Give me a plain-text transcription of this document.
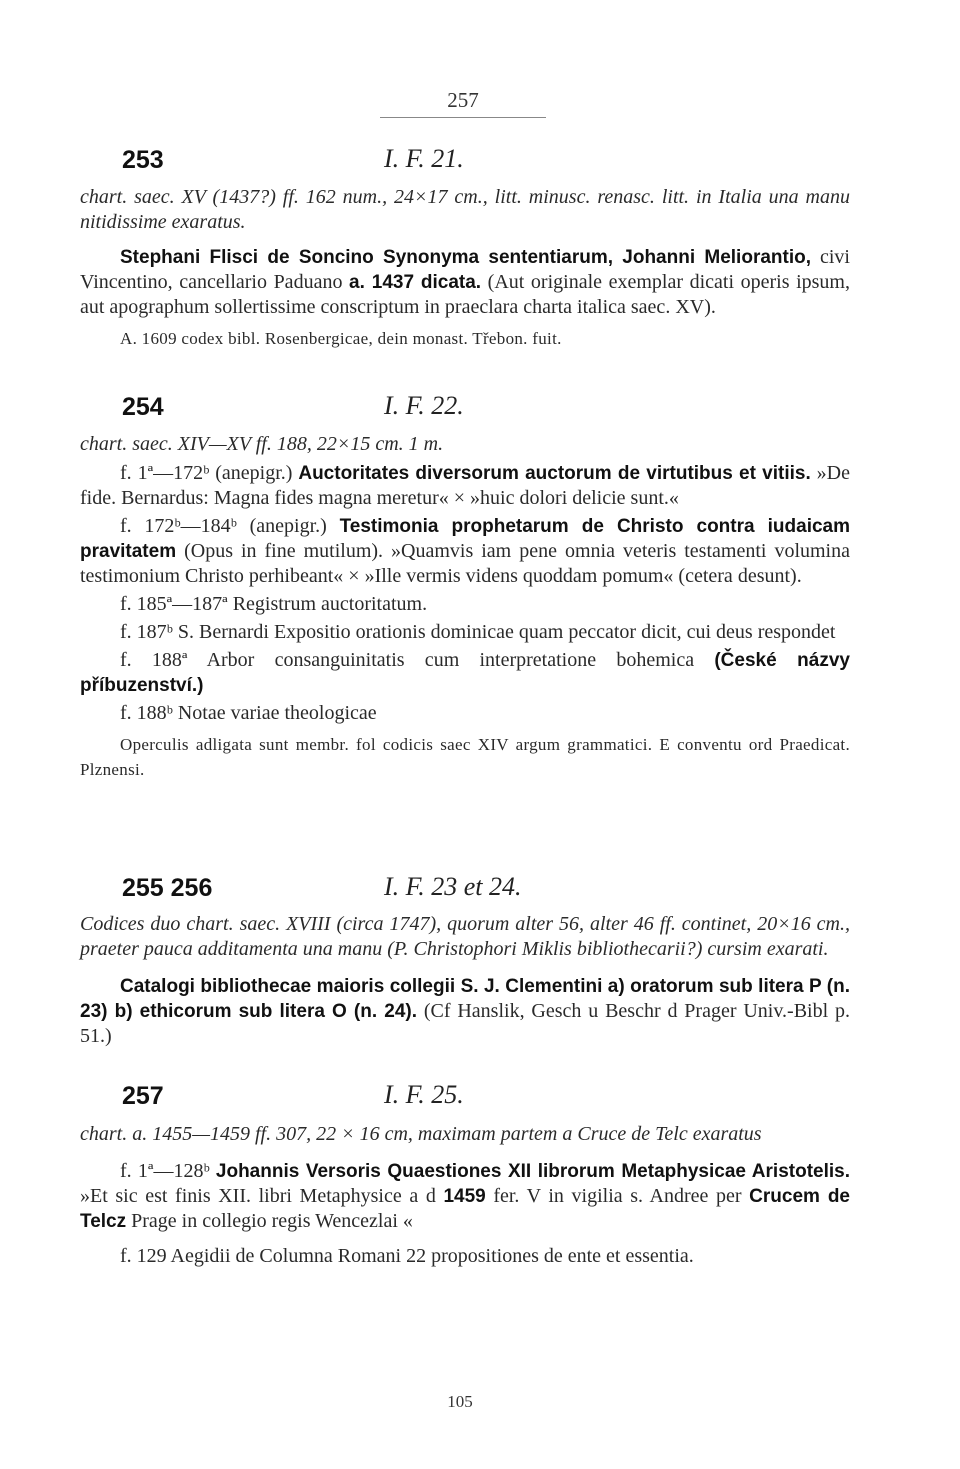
257
253	I. F. 21.

chart. saec. XV (1437?) ff. 162 num., 24×17 cm., litt. minusc. renasc. litt. in Italia una manu nitidissime exaratus.

Stephani Flisci de Soncino Synonyma sententiarum, Johanni Meliorantio, civi Vincentino, cancellario Paduano a. 1437 dicata. (Aut originale exemplar dicati operis ipsum, aut apographum sollertissime conscriptum in praeclara charta italica saec. XV).

A. 1609 codex bibl. Rosenbergicae, dein monast. Třebon. fuit.

254	I. F. 22.

chart. saec. XIV—XV ff. 188, 22×15 cm. 1 m.

f. 1ª—172ᵇ (anepigr.) Auctoritates diversorum auctorum de virtutibus et vitiis. »De fide. Bernardus: Magna fides magna meretur« × »huic dolori delicie sunt.«

f. 172ᵇ—184ᵇ (anepigr.) Testimonia prophetarum de Christo contra iudaicam pravitatem (Opus in fine mutilum). »Quamvis iam pene omnia veteris testamenti volumina testimonium Christo perhibeant« × »Ille vermis videns quoddam pomum« (cetera desunt).

f. 185ª—187ª Registrum auctoritatum.

f. 187ᵇ S. Bernardi Expositio orationis dominicae quam peccator dicit, cui deus respondet

f. 188ª Arbor consanguinitatis cum interpretatione bohemica (České názvy příbuzenství.)

f. 188ᵇ Notae variae theologicae

Operculis adligata sunt membr. fol codicis saec XIV argum grammatici. E conventu ord Praedicat. Plznensi.

255 256	I. F. 23 et 24.

Codices duo chart. saec. XVIII (circa 1747), quorum alter 56, alter 46 ff. continet, 20×16 cm., praeter pauca additamenta una manu (P. Christophori Miklis bibliothecarii?) cursim exarati.

Catalogi bibliothecae maioris collegii S. J. Clementini a) oratorum sub litera P (n. 23) b) ethicorum sub litera O (n. 24). (Cf Hanslik, Gesch u Beschr d Prager Univ.-Bibl p. 51.)

257	I. F. 25.

chart. a. 1455—1459 ff. 307, 22 × 16 cm, maximam partem a Cruce de Telc exaratus

f. 1ª—128ᵇ Johannis Versoris Quaestiones XII librorum Metaphysicae Aristotelis. »Et sic est finis XII. libri Metaphysice a d 1459 fer. V in vigilia s. Andree per Crucem de Telcz Prage in collegio regis Wencezlai «

f. 129 Aegidii de Columna Romani 22 propositiones de ente et essentia.

105
